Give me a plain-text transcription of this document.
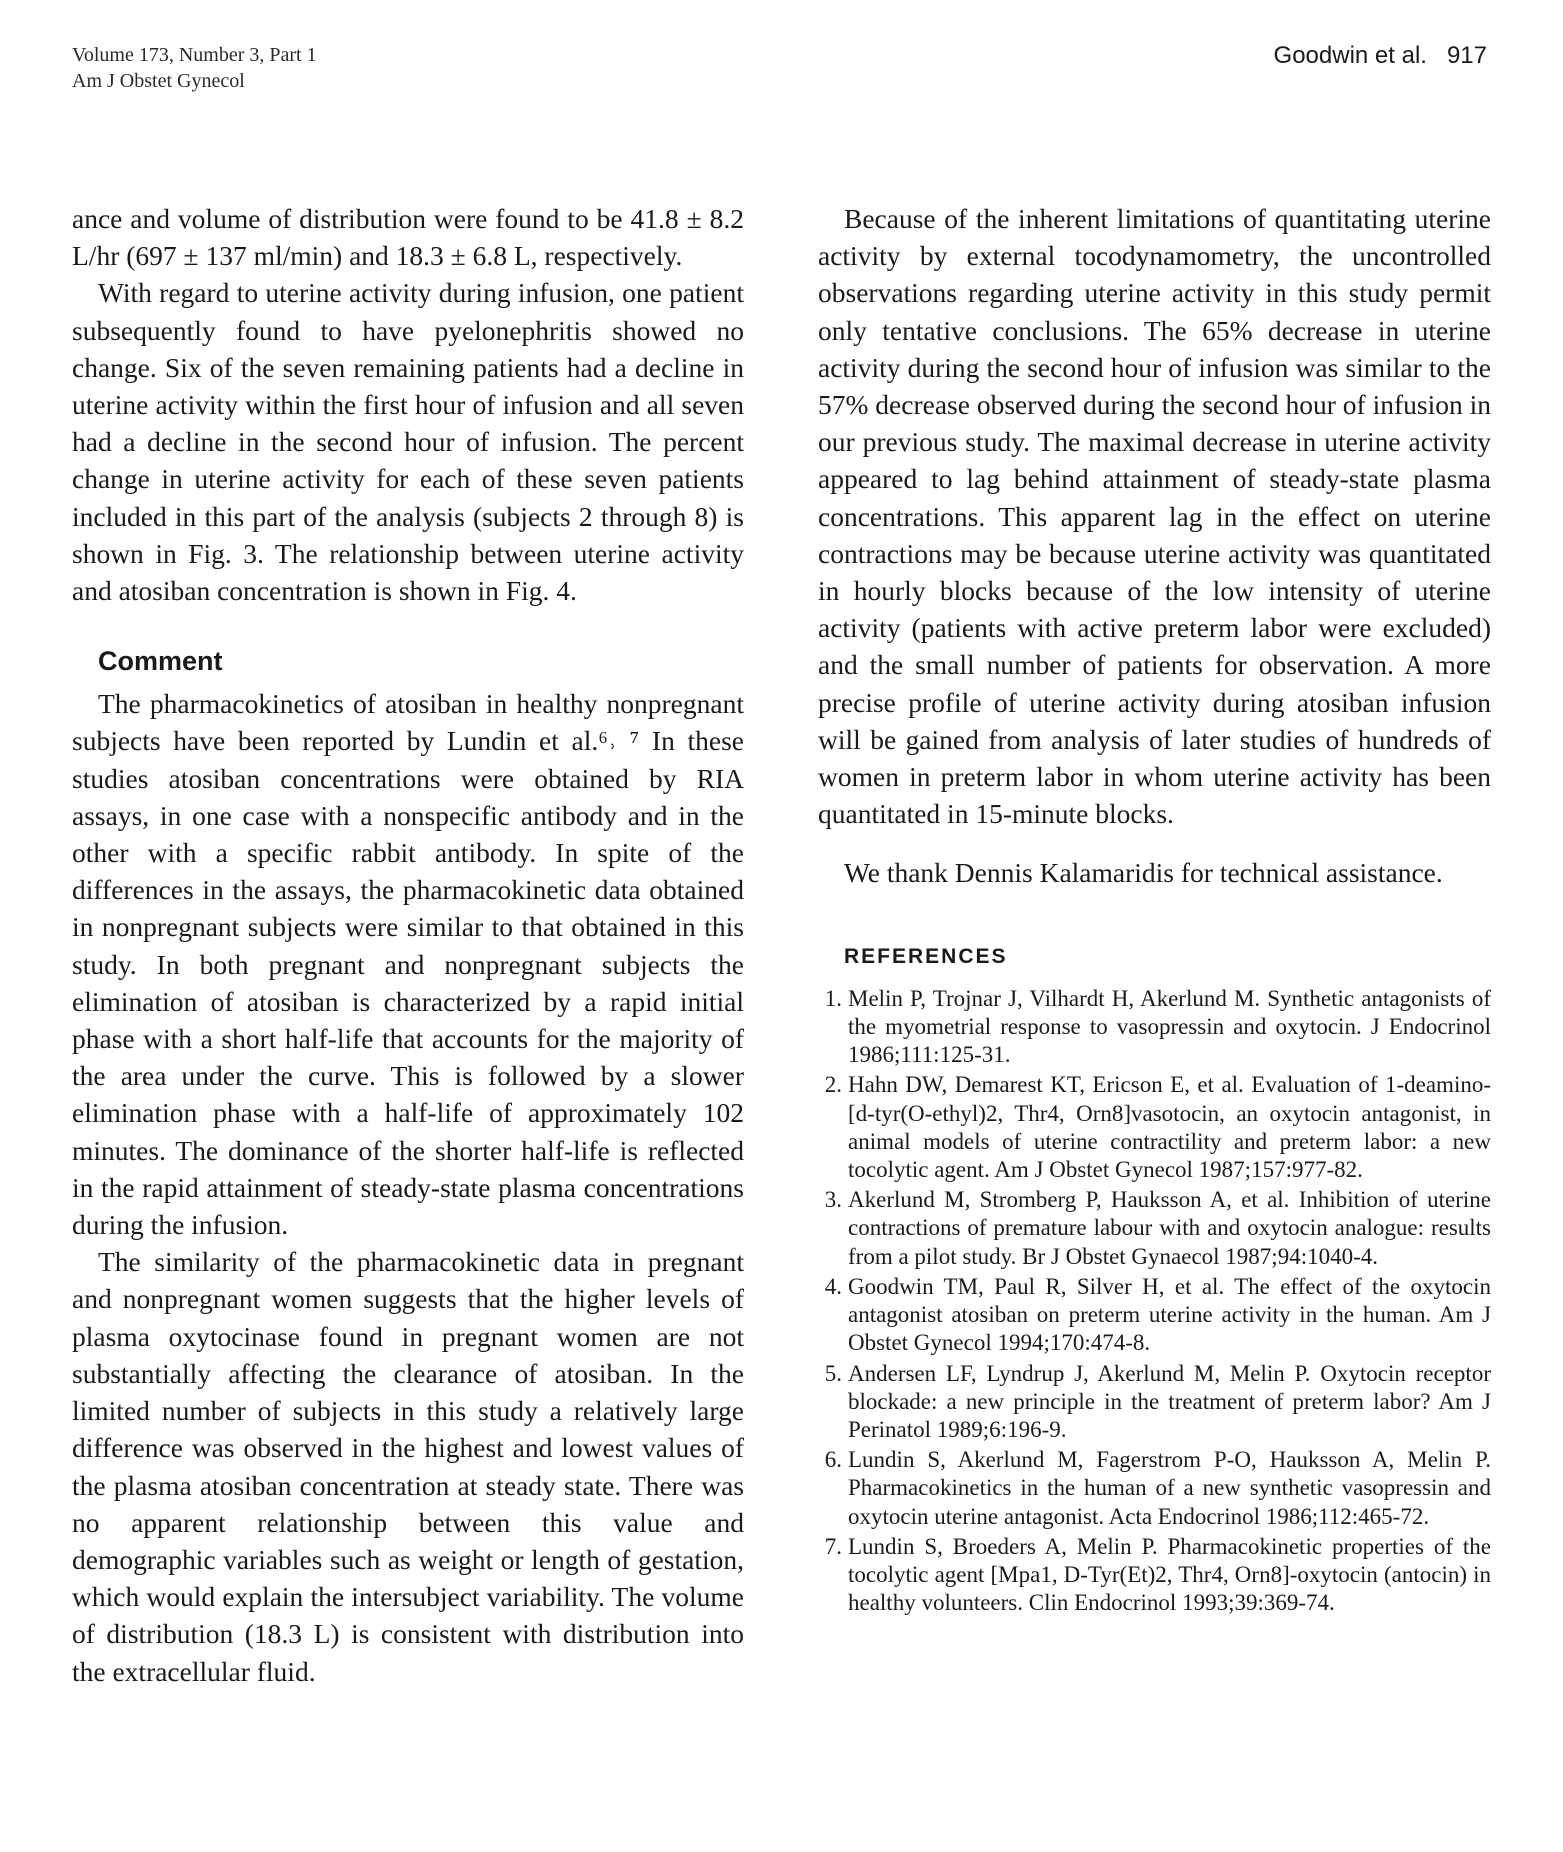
Volume 173, Number 3, Part 1
Am J Obstet Gynecol
Goodwin et al. 917

ance and volume of distribution were found to be 41.8 ± 8.2 L/hr (697 ± 137 ml/min) and 18.3 ± 6.8 L, respectively.

With regard to uterine activity during infusion, one patient subsequently found to have pyelonephritis showed no change. Six of the seven remaining patients had a decline in uterine activity within the first hour of infusion and all seven had a decline in the second hour of infusion. The percent change in uterine activity for each of these seven patients included in this part of the analysis (subjects 2 through 8) is shown in Fig. 3. The relationship between uterine activity and atosiban concentration is shown in Fig. 4.

Comment

The pharmacokinetics of atosiban in healthy nonpregnant subjects have been reported by Lundin et al.⁶˒ ⁷ In these studies atosiban concentrations were obtained by RIA assays, in one case with a nonspecific antibody and in the other with a specific rabbit antibody. In spite of the differences in the assays, the pharmacokinetic data obtained in nonpregnant subjects were similar to that obtained in this study. In both pregnant and nonpregnant subjects the elimination of atosiban is characterized by a rapid initial phase with a short half-life that accounts for the majority of the area under the curve. This is followed by a slower elimination phase with a half-life of approximately 102 minutes. The dominance of the shorter half-life is reflected in the rapid attainment of steady-state plasma concentrations during the infusion.

The similarity of the pharmacokinetic data in pregnant and nonpregnant women suggests that the higher levels of plasma oxytocinase found in pregnant women are not substantially affecting the clearance of atosiban. In the limited number of subjects in this study a relatively large difference was observed in the highest and lowest values of the plasma atosiban concentration at steady state. There was no apparent relationship between this value and demographic variables such as weight or length of gestation, which would explain the intersubject variability. The volume of distribution (18.3 L) is consistent with distribution into the extracellular fluid.

Because of the inherent limitations of quantitating uterine activity by external tocodynamometry, the uncontrolled observations regarding uterine activity in this study permit only tentative conclusions. The 65% decrease in uterine activity during the second hour of infusion was similar to the 57% decrease observed during the second hour of infusion in our previous study. The maximal decrease in uterine activity appeared to lag behind attainment of steady-state plasma concentrations. This apparent lag in the effect on uterine contractions may be because uterine activity was quantitated in hourly blocks because of the low intensity of uterine activity (patients with active preterm labor were excluded) and the small number of patients for observation. A more precise profile of uterine activity during atosiban infusion will be gained from analysis of later studies of hundreds of women in preterm labor in whom uterine activity has been quantitated in 15-minute blocks.

We thank Dennis Kalamaridis for technical assistance.

REFERENCES
1. Melin P, Trojnar J, Vilhardt H, Akerlund M. Synthetic antagonists of the myometrial response to vasopressin and oxytocin. J Endocrinol 1986;111:125-31.
2. Hahn DW, Demarest KT, Ericson E, et al. Evaluation of 1-deamino-[d-tyr(O-ethyl)2, Thr4, Orn8]vasotocin, an oxytocin antagonist, in animal models of uterine contractility and preterm labor: a new tocolytic agent. Am J Obstet Gynecol 1987;157:977-82.
3. Akerlund M, Stromberg P, Hauksson A, et al. Inhibition of uterine contractions of premature labour with and oxytocin analogue: results from a pilot study. Br J Obstet Gynaecol 1987;94:1040-4.
4. Goodwin TM, Paul R, Silver H, et al. The effect of the oxytocin antagonist atosiban on preterm uterine activity in the human. Am J Obstet Gynecol 1994;170:474-8.
5. Andersen LF, Lyndrup J, Akerlund M, Melin P. Oxytocin receptor blockade: a new principle in the treatment of preterm labor? Am J Perinatol 1989;6:196-9.
6. Lundin S, Akerlund M, Fagerstrom P-O, Hauksson A, Melin P. Pharmacokinetics in the human of a new synthetic vasopressin and oxytocin uterine antagonist. Acta Endocrinol 1986;112:465-72.
7. Lundin S, Broeders A, Melin P. Pharmacokinetic properties of the tocolytic agent [Mpa1, D-Tyr(Et)2, Thr4, Orn8]-oxytocin (antocin) in healthy volunteers. Clin Endocrinol 1993;39:369-74.
